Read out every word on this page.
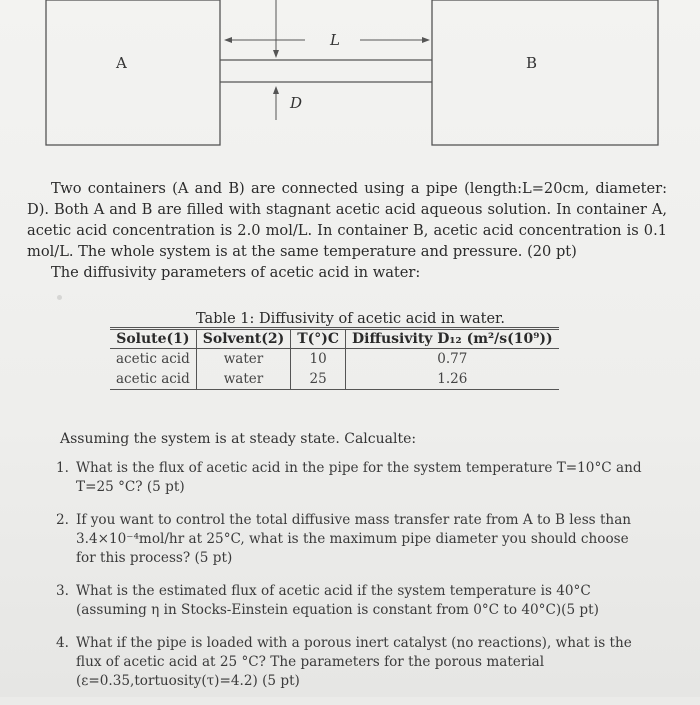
A	B
L
D

Two containers (A and B) are connected using a pipe (length:L=20cm, diameter: D). Both A and B are filled with stagnant acetic acid aqueous solution. In container A, acetic acid concentration is 2.0 mol/L. In container B, acetic acid concentration is 0.1 mol/L. The whole system is at the same temperature and pressure. (20 pt)

The diffusivity parameters of acetic acid in water:

Table 1: Diffusivity of acetic acid in water.
Solute(1)	Solvent(2)	T(°)C	Diffusivity D₁₂ (m²/s(10⁹))
acetic acid	water	10	0.77
acetic acid	water	25	1.26
Assuming the system is at steady state. Calcualte:
1. What is the flux of acetic acid in the pipe for the system temperature T=10°C and T=25 °C? (5 pt)
2. If you want to control the total diffusive mass transfer rate from A to B less than 3.4×10⁻⁴mol/hr at 25°C, what is the maximum pipe diameter you should choose for this process? (5 pt)
3. What is the estimated flux of acetic acid if the system temperature is 40°C (assuming η in Stocks-Einstein equation is constant from 0°C to 40°C)(5 pt)
4. What if the pipe is loaded with a porous inert catalyst (no reactions), what is the flux of acetic acid at 25 °C? The parameters for the porous material (ε=0.35,tortuosity(τ)=4.2) (5 pt)
